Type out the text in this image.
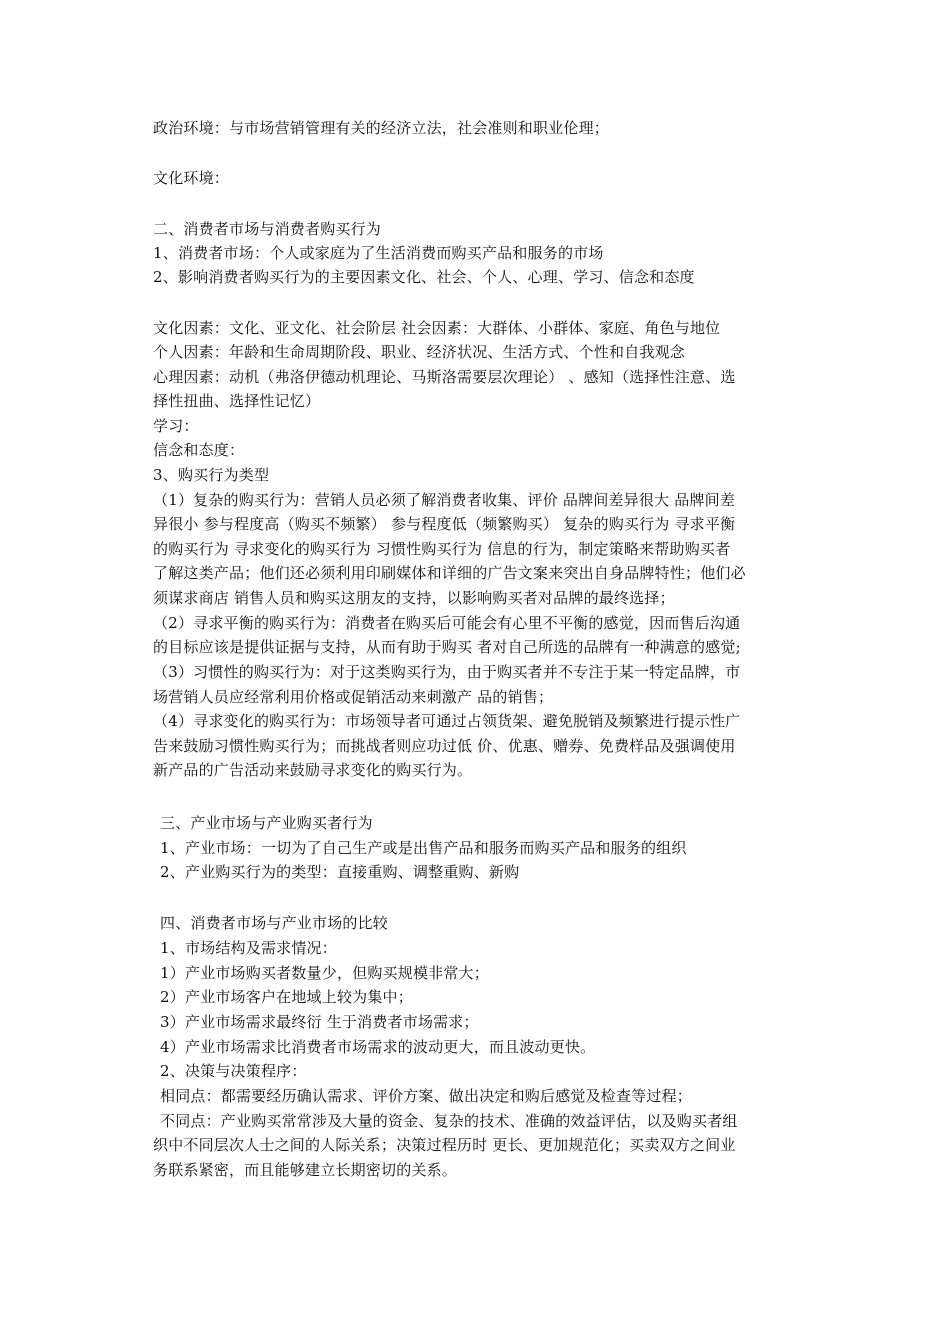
政治环境：与市场营销管理有关的经济立法，社会准则和职业伦理；
文化环境：
二、消费者市场与消费者购买行为
1、消费者市场：个人或家庭为了生活消费而购买产品和服务的市场
2、影响消费者购买行为的主要因素文化、社会、个人、心理、学习、信念和态度
文化因素：文化、亚文化、社会阶层 社会因素：大群体、小群体、家庭、角色与地位
个人因素：年龄和生命周期阶段、职业、经济状况、生活方式、个性和自我观念
心理因素：动机（弗洛伊德动机理论、马斯洛需要层次理论） 、感知（选择性注意、选
择性扭曲、选择性记忆）
学习：
信念和态度：
3、购买行为类型
（1）复杂的购买行为：营销人员必须了解消费者收集、评价 品牌间差异很大 品牌间差
异很小 参与程度高（购买不频繁） 参与程度低（频繁购买） 复杂的购买行为 寻求平衡
的购买行为 寻求变化的购买行为 习惯性购买行为 信息的行为，制定策略来帮助购买者
了解这类产品；他们还必须利用印刷媒体和详细的广告文案来突出自身品牌特性；他们必
须谋求商店 销售人员和购买这朋友的支持，以影响购买者对品牌的最终选择；
（2）寻求平衡的购买行为：消费者在购买后可能会有心里不平衡的感觉，因而售后沟通
的目标应该是提供证据与支持，从而有助于购买 者对自己所选的品牌有一种满意的感觉;
（3）习惯性的购买行为：对于这类购买行为，由于购买者并不专注于某一特定品牌，市
场营销人员应经常利用价格或促销活动来刺激产 品的销售；
（4）寻求变化的购买行为：市场领导者可通过占领货架、避免脱销及频繁进行提示性广
告来鼓励习惯性购买行为；而挑战者则应功过低 价、优惠、赠券、免费样品及强调使用
新产品的广告活动来鼓励寻求变化的购买行为。
三、产业市场与产业购买者行为
1、产业市场：一切为了自己生产或是出售产品和服务而购买产品和服务的组织
2、产业购买行为的类型：直接重购、调整重购、新购
四、消费者市场与产业市场的比较
1、市场结构及需求情况：
1）产业市场购买者数量少，但购买规模非常大；
2）产业市场客户在地域上较为集中；
3）产业市场需求最终衍 生于消费者市场需求；
4）产业市场需求比消费者市场需求的波动更大，而且波动更快。
2、决策与决策程序：
相同点：都需要经历确认需求、评价方案、做出决定和购后感觉及检查等过程；
不同点：产业购买常常涉及大量的资金、复杂的技术、准确的效益评估，以及购买者组
织中不同层次人士之间的人际关系；决策过程历时 更长、更加规范化；买卖双方之间业
务联系紧密，而且能够建立长期密切的关系。
